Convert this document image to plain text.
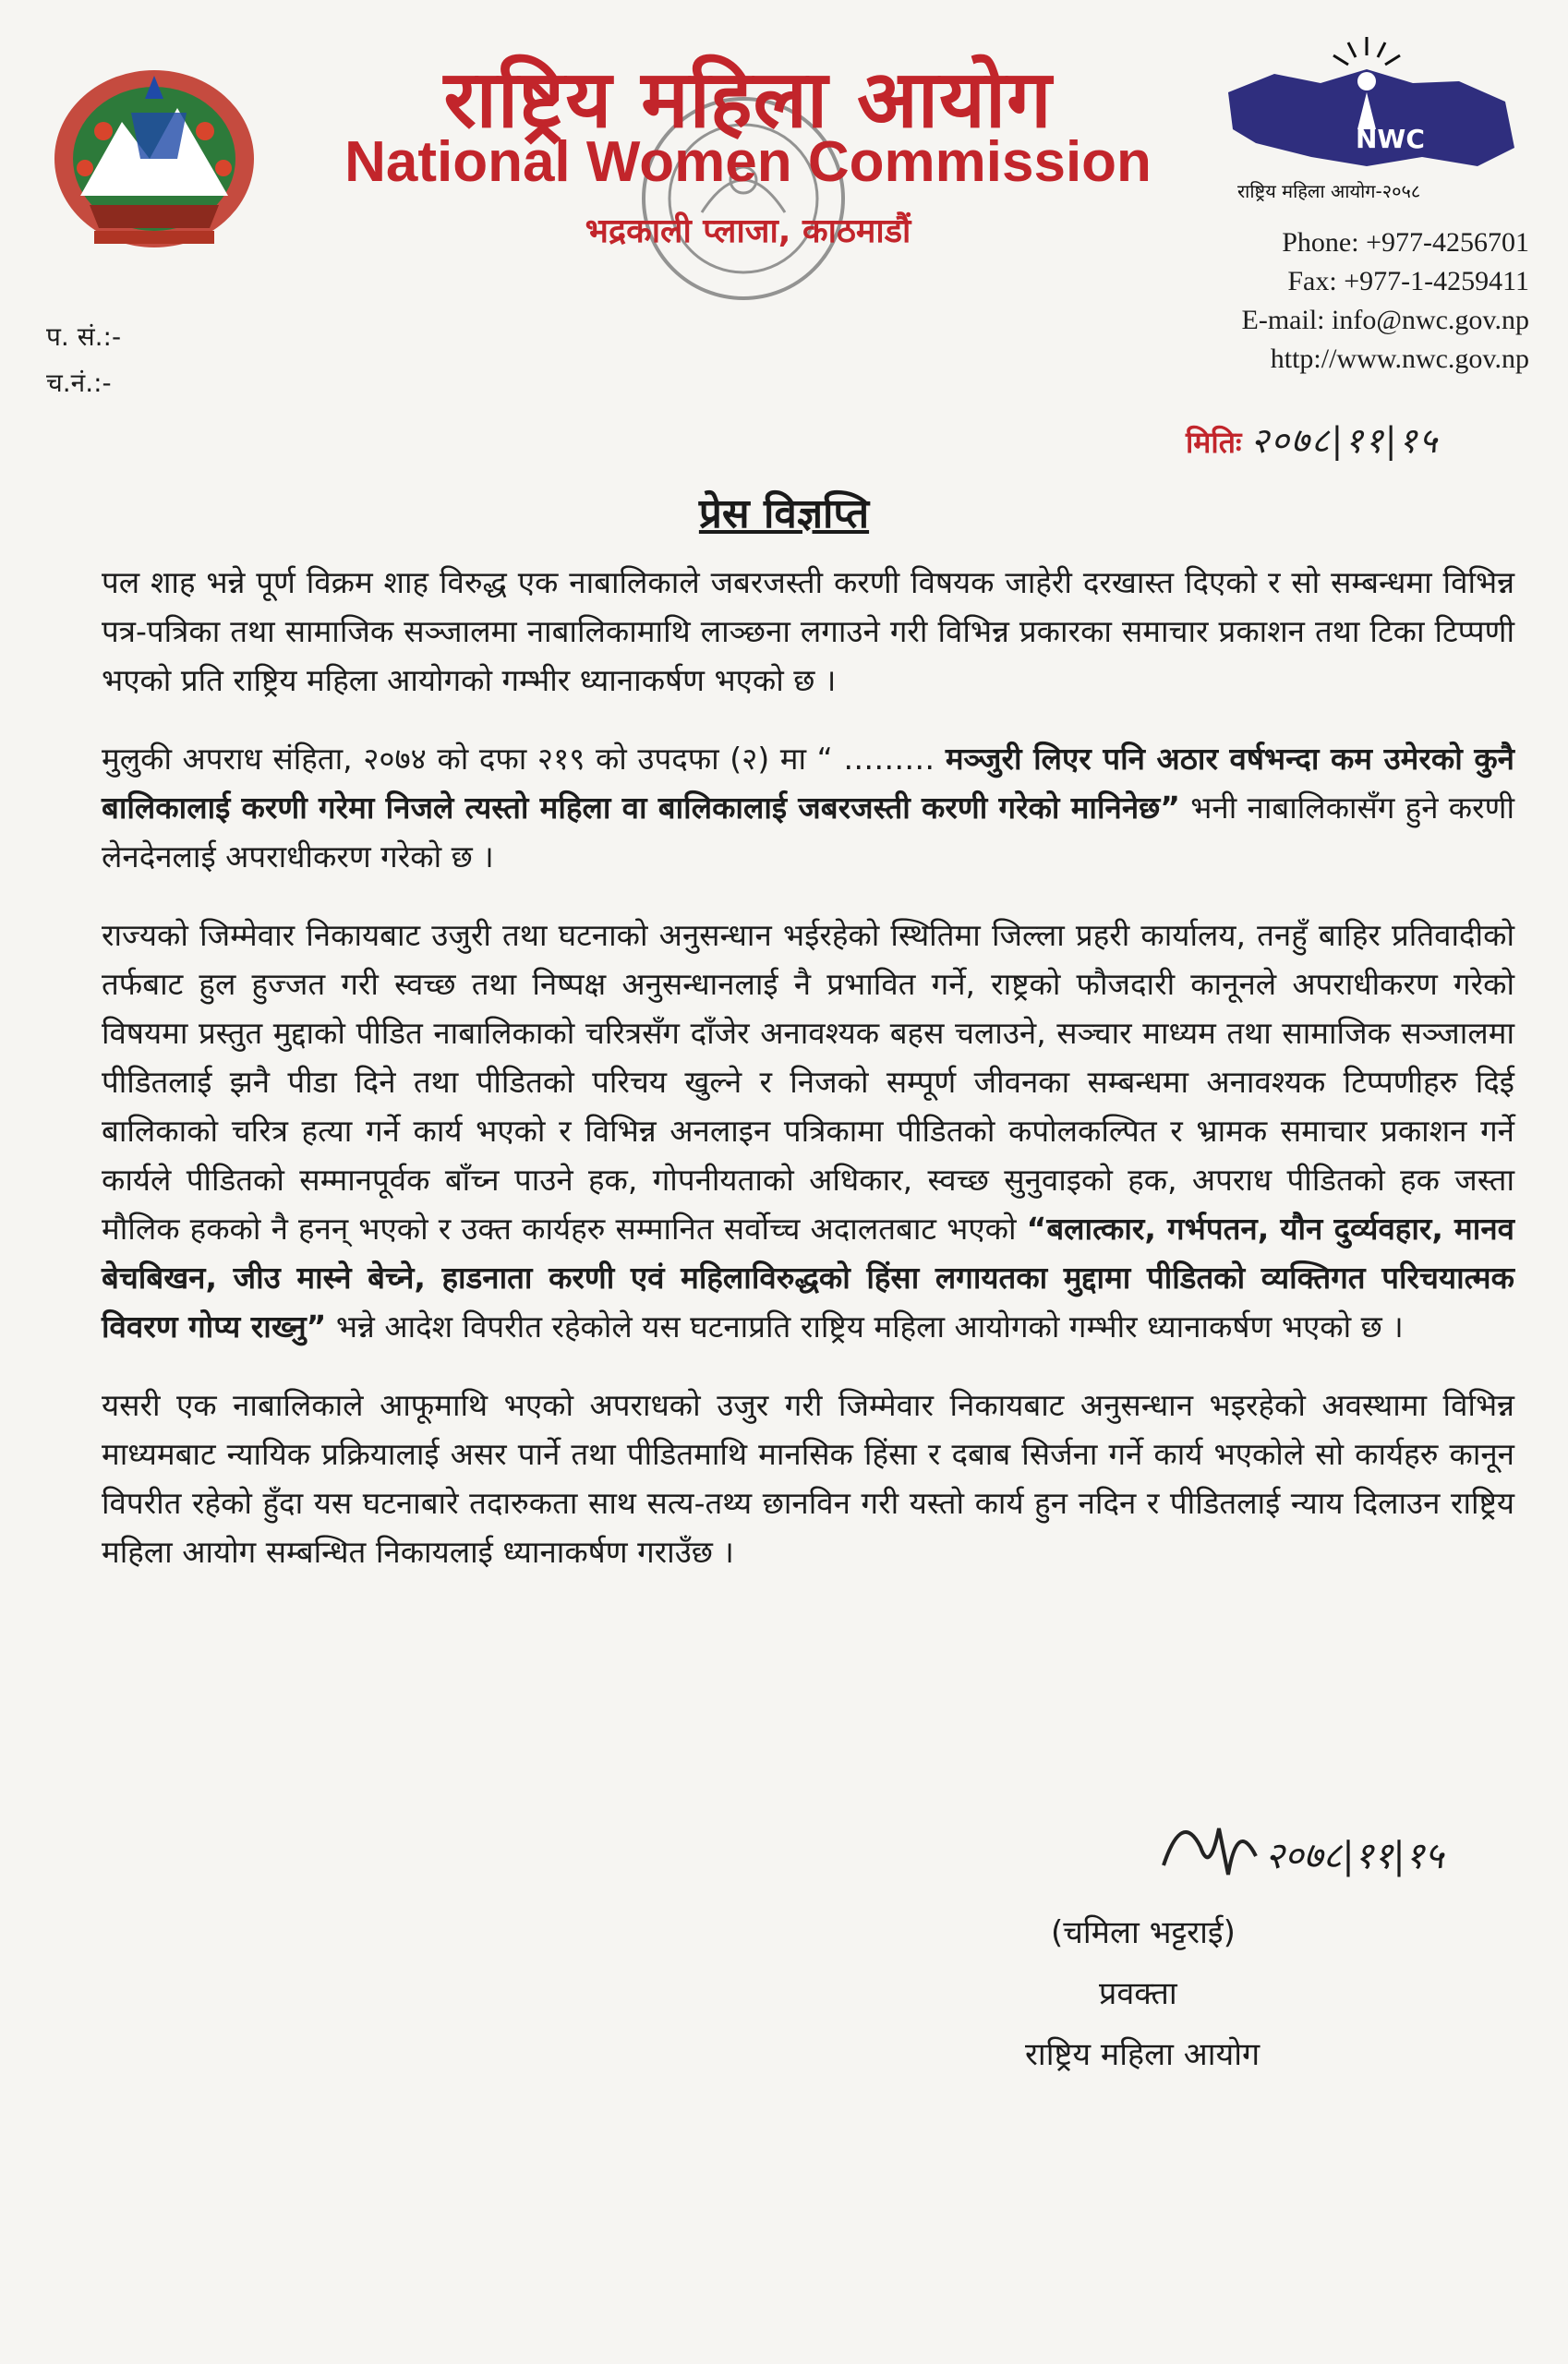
राष्ट्रिय महिला आयोग
National Women Commission
भद्रकाली प्लाजा, काठमाडौं
NWC
राष्ट्रिय महिला आयोग-२०५८
Phone: +977-4256701
Fax: +977-1-4259411
E-mail: info@nwc.gov.np
http://www.nwc.gov.np
प. सं.:-
च.नं.:-
मितिः २०७८|११|१५
प्रेस विज्ञप्ति

पल शाह भन्ने पूर्ण विक्रम शाह विरुद्ध एक नाबालिकाले जबरजस्ती करणी विषयक जाहेरी दरखास्त दिएको र सो सम्बन्धमा विभिन्न पत्र-पत्रिका तथा सामाजिक सञ्जालमा नाबालिकामाथि लाञ्छना लगाउने गरी विभिन्न प्रकारका समाचार प्रकाशन तथा टिका टिप्पणी भएको प्रति राष्ट्रिय महिला आयोगको गम्भीर ध्यानाकर्षण भएको छ ।

मुलुकी अपराध संहिता, २०७४ को दफा २१९ को उपदफा (२) मा “ ……… मञ्जुरी लिएर पनि अठार वर्षभन्दा कम उमेरको कुनै बालिकालाई करणी गरेमा निजले त्यस्तो महिला वा बालिकालाई जबरजस्ती करणी गरेको मानिनेछ” भनी नाबालिकासँग हुने करणी लेनदेनलाई अपराधीकरण गरेको छ ।

राज्यको जिम्मेवार निकायबाट उजुरी तथा घटनाको अनुसन्धान भईरहेको स्थितिमा जिल्ला प्रहरी कार्यालय, तनहुँ बाहिर प्रतिवादीको तर्फबाट हुल हुज्जत गरी स्वच्छ तथा निष्पक्ष अनुसन्धानलाई नै प्रभावित गर्ने, राष्ट्रको फौजदारी कानूनले अपराधीकरण गरेको विषयमा प्रस्तुत मुद्दाको पीडित नाबालिकाको चरित्रसँग दाँजेर अनावश्यक बहस चलाउने, सञ्चार माध्यम तथा सामाजिक सञ्जालमा पीडितलाई झनै पीडा दिने तथा पीडितको परिचय खुल्ने र निजको सम्पूर्ण जीवनका सम्बन्धमा अनावश्यक टिप्पणीहरु दिई बालिकाको चरित्र हत्या गर्ने कार्य भएको र विभिन्न अनलाइन पत्रिकामा पीडितको कपोलकल्पित र भ्रामक समाचार प्रकाशन गर्ने कार्यले पीडितको सम्मानपूर्वक बाँच्न पाउने हक, गोपनीयताको अधिकार, स्वच्छ सुनुवाइको हक, अपराध पीडितको हक जस्ता मौलिक हकको नै हनन् भएको र उक्त कार्यहरु सम्मानित सर्वोच्च अदालतबाट भएको “बलात्कार, गर्भपतन, यौन दुर्व्यवहार, मानव बेचबिखन, जीउ मास्ने बेच्ने, हाडनाता करणी एवं महिलाविरुद्धको हिंसा लगायतका मुद्दामा पीडितको व्यक्तिगत परिचयात्मक विवरण गोप्य राख्नु” भन्ने आदेश विपरीत रहेकोले यस घटनाप्रति राष्ट्रिय महिला आयोगको गम्भीर ध्यानाकर्षण भएको छ ।

यसरी एक नाबालिकाले आफूमाथि भएको अपराधको उजुर गरी जिम्मेवार निकायबाट अनुसन्धान भइरहेको अवस्थामा विभिन्न माध्यमबाट न्यायिक प्रक्रियालाई असर पार्ने तथा पीडितमाथि मानसिक हिंसा र दबाब सिर्जना गर्ने कार्य भएकोले सो कार्यहरु कानून विपरीत रहेको हुँदा यस घटनाबारे तदारुकता साथ सत्य-तथ्य छानविन गरी यस्तो कार्य हुन नदिन र पीडितलाई न्याय दिलाउन राष्ट्रिय महिला आयोग सम्बन्धित निकायलाई ध्यानाकर्षण गराउँछ ।

२०७८|११|१५
(चमिला भट्टराई)
प्रवक्ता
राष्ट्रिय महिला आयोग
